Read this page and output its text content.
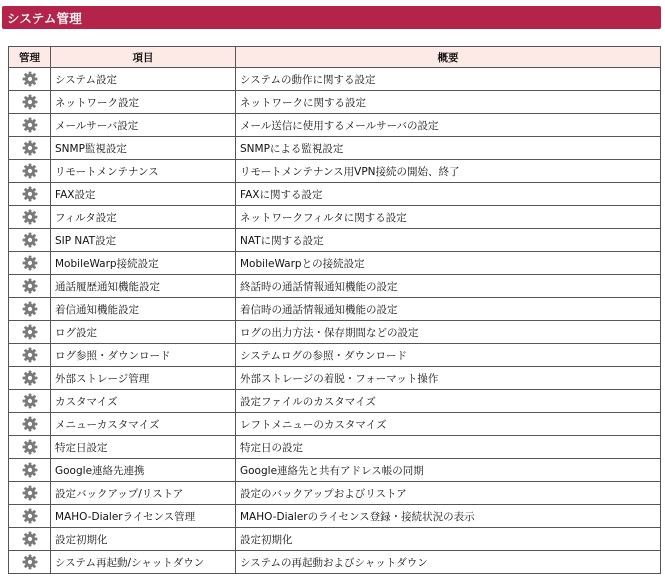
システム管理
管理	項目	概要

	システム設定	システムの動作に関する設定

	ネットワーク設定	ネットワークに関する設定

	メールサーバ設定	メール送信に使用するメールサーバの設定

	SNMP監視設定	SNMPによる監視設定

	リモートメンテナンス	リモートメンテナンス用VPN接続の開始、終了

	FAX設定	FAXに関する設定

	フィルタ設定	ネットワークフィルタに関する設定

	SIP NAT設定	NATに関する設定

	MobileWarp接続設定	MobileWarpとの接続設定

	通話履歴通知機能設定	終話時の通話情報通知機能の設定

	着信通知機能設定	着信時の通話情報通知機能の設定

	ログ設定	ログの出力方法・保存期間などの設定

	ログ参照・ダウンロード	システムログの参照・ダウンロード

	外部ストレージ管理	外部ストレージの着脱・フォーマット操作

	カスタマイズ	設定ファイルのカスタマイズ

	メニューカスタマイズ	レフトメニューのカスタマイズ

	特定日設定	特定日の設定

	Google連絡先連携	Google連絡先と共有アドレス帳の同期

	設定バックアップ/リストア	設定のバックアップおよびリストア

	MAHO-Dialerライセンス管理	MAHO-Dialerのライセンス登録・接続状況の表示

	設定初期化	設定初期化

	システム再起動/シャットダウン	システムの再起動およびシャットダウン
